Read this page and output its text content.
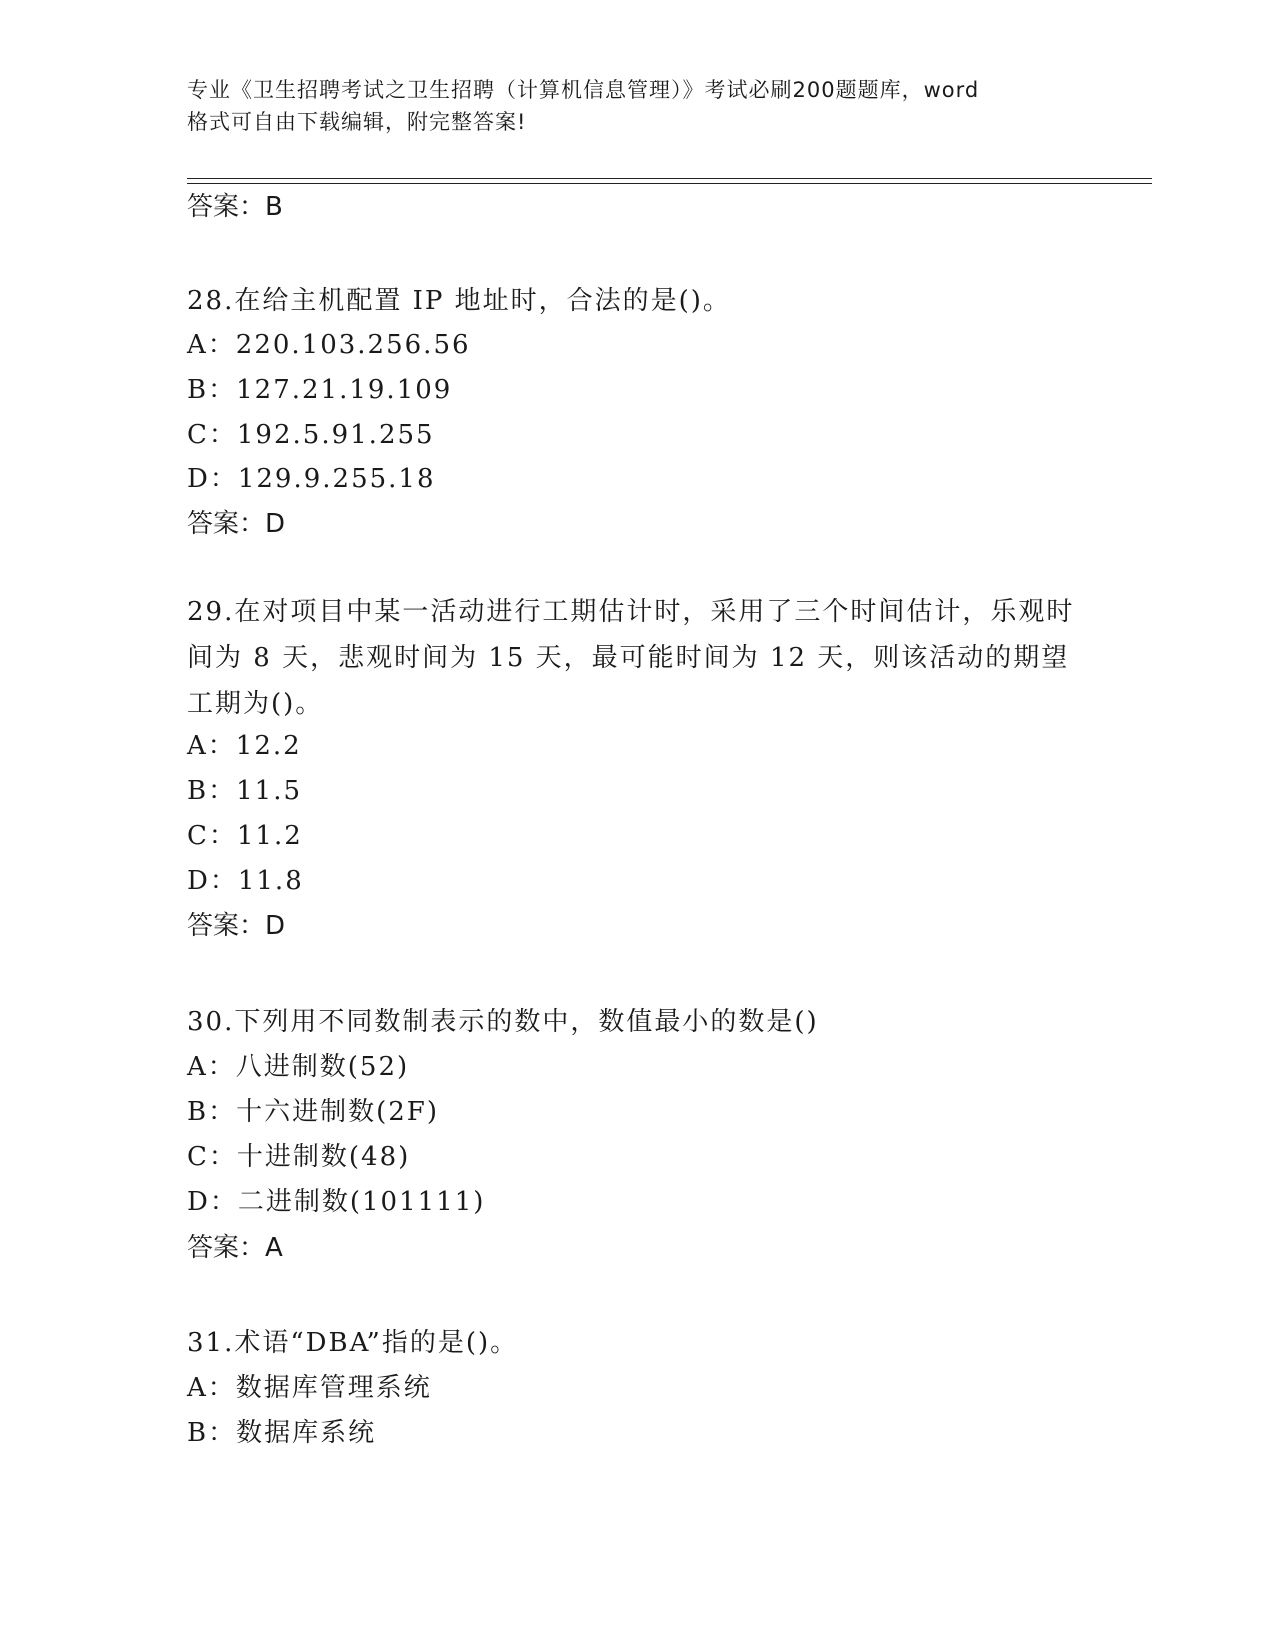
专业《卫生招聘考试之卫生招聘（计算机信息管理）》考试必刷200题题库，word
格式可自由下载编辑，附完整答案!
答案：B
28.在给主机配置 IP 地址时，合法的是()。
A：220.103.256.56
B：127.21.19.109
C：192.5.91.255
D：129.9.255.18
答案：D
29.在对项目中某一活动进行工期估计时，采用了三个时间估计，乐观时间为 8 天，悲观时间为 15 天，最可能时间为 12 天，则该活动的期望工期为()。
A：12.2
B：11.5
C：11.2
D：11.8
答案：D
30.下列用不同数制表示的数中，数值最小的数是()
A：八进制数(52)
B：十六进制数(2F)
C：十进制数(48)
D：二进制数(101111)
答案：A
31.术语“DBA”指的是()。
A：数据库管理系统
B：数据库系统
